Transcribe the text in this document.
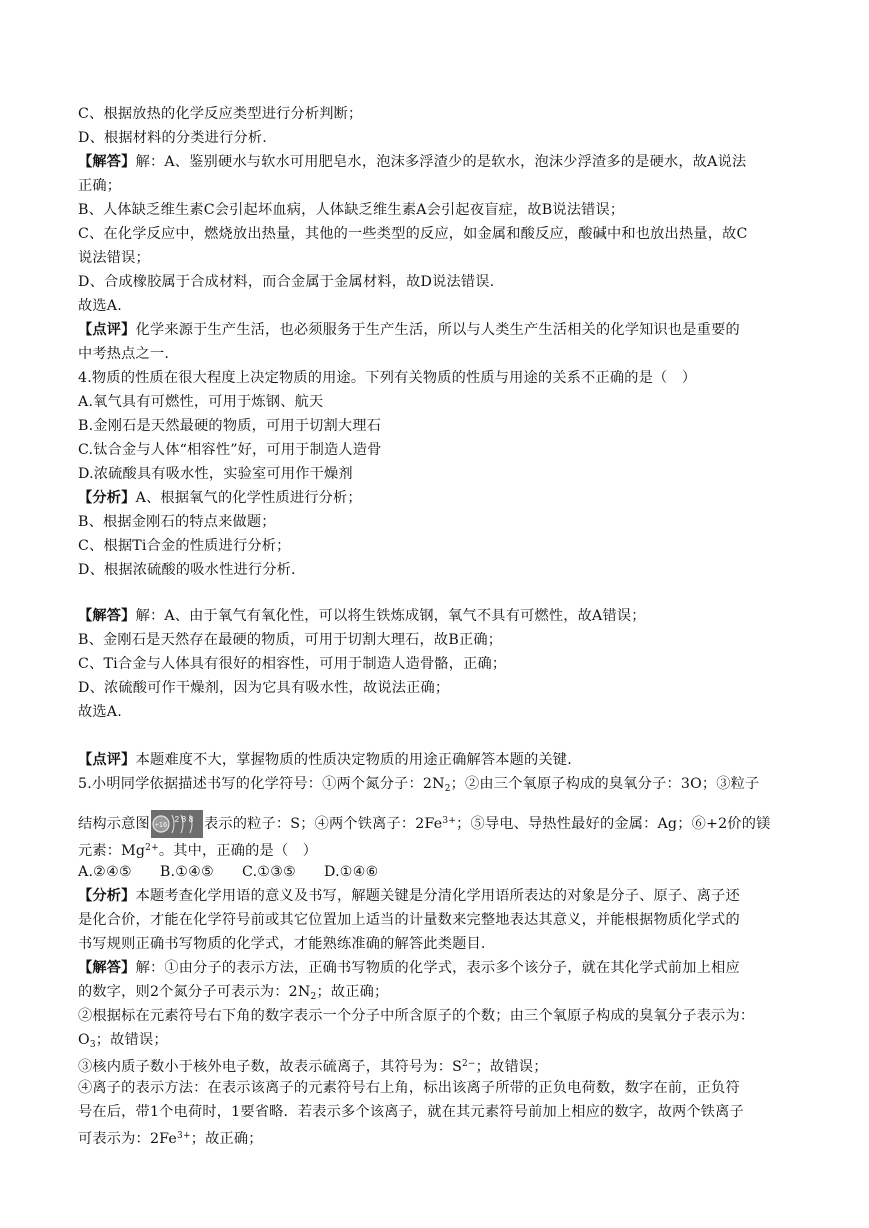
C、根据放热的化学反应类型进行分析判断；
D、根据材料的分类进行分析.
【解答】解：A、鉴别硬水与软水可用肥皂水，泡沫多浮渣少的是软水，泡沫少浮渣多的是硬水，故A说法
正确；
B、人体缺乏维生素C会引起坏血病，人体缺乏维生素A会引起夜盲症，故B说法错误；
C、在化学反应中，燃烧放出热量，其他的一些类型的反应，如金属和酸反应，酸碱中和也放出热量，故C
说法错误；
D、合成橡胶属于合成材料，而合金属于金属材料，故D说法错误.
故选A.
【点评】化学来源于生产生活，也必须服务于生产生活，所以与人类生产生活相关的化学知识也是重要的
中考热点之一.
4.物质的性质在很大程度上决定物质的用途。下列有关物质的性质与用途的关系不正确的是（　）
A.氧气具有可燃性，可用于炼钢、航天
B.金刚石是天然最硬的物质，可用于切割大理石
C.钛合金与人体“相容性”好，可用于制造人造骨
D.浓硫酸具有吸水性，实验室可用作干燥剂
【分析】A、根据氧气的化学性质进行分析；
B、根据金刚石的特点来做题；
C、根据Ti合金的性质进行分析；
D、根据浓硫酸的吸水性进行分析.
【解答】解：A、由于氧气有氧化性，可以将生铁炼成钢，氧气不具有可燃性，故A错误；
B、金刚石是天然存在最硬的物质，可用于切割大理石，故B正确；
C、Ti合金与人体具有很好的相容性，可用于制造人造骨骼，正确；
D、浓硫酸可作干燥剂，因为它具有吸水性，故说法正确；
故选A.
【点评】本题难度不大，掌握物质的性质决定物质的用途正确解答本题的关键.
5.小明同学依据描述书写的化学符号：①两个氮分子：$2N_2$；②由三个氧原子构成的臭氧分子：3O；③粒子
结构示意图 +16
2 8 8 表示的粒子：S；④两个铁离子：$2Fe^{3+}$；⑤导电、导热性最好的金属：Ag；⑥+2价的镁
元素：$Mg^{2+}$。其中，正确的是（　）
A.②④⑤ B.①④⑤ C.①③⑤ D.①④⑥
【分析】本题考查化学用语的意义及书写，解题关键是分清化学用语所表达的对象是分子、原子、离子还
是化合价，才能在化学符号前或其它位置加上适当的计量数来完整地表达其意义，并能根据物质化学式的
书写规则正确书写物质的化学式，才能熟练准确的解答此类题目.
【解答】解：①由分子的表示方法，正确书写物质的化学式，表示多个该分子，就在其化学式前加上相应
的数字，则2个氮分子可表示为：$2N_2$；故正确；
②根据标在元素符号右下角的数字表示一个分子中所含原子的个数；由三个氧原子构成的臭氧分子表示为：
$O_3$；故错误；
③核内质子数小于核外电子数，故表示硫离子，其符号为：$S^{2-}$；故错误；
④离子的表示方法：在表示该离子的元素符号右上角，标出该离子所带的正负电荷数，数字在前，正负符
号在后，带1个电荷时，1要省略．若表示多个该离子，就在其元素符号前加上相应的数字，故两个铁离子
可表示为：$2Fe^{3+}$；故正确；
